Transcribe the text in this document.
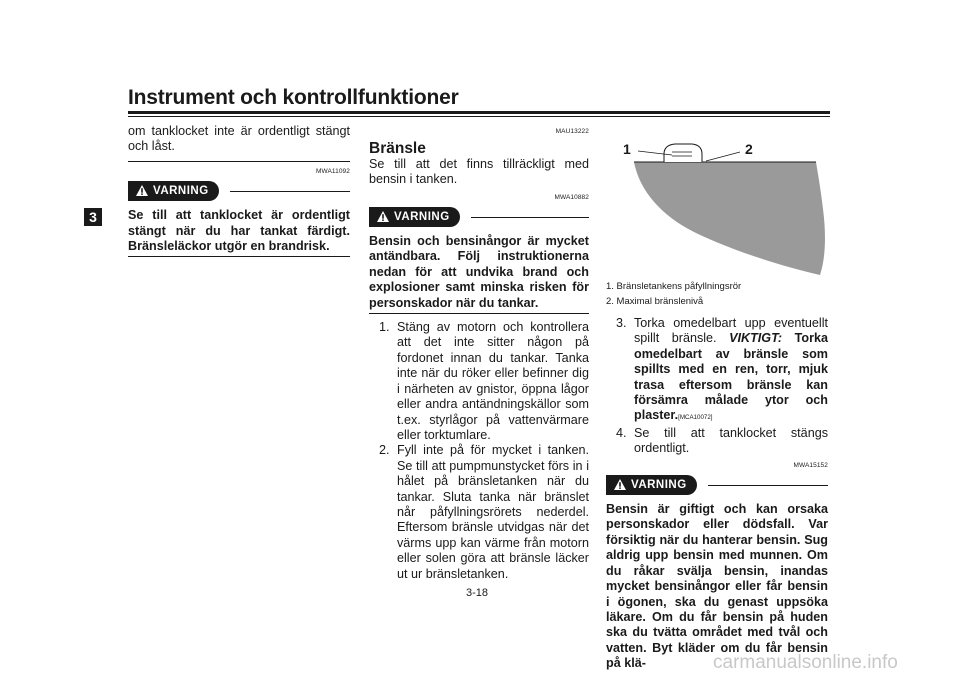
Instrument och kontrollfunktioner
3

om tanklocket inte är ordentligt stängt och låst.

MWA11092
VARNING

Se till att tanklocket är ordentligt stängt när du har tankat färdigt. Bränsleläckor utgör en brandrisk.

MAU13222

Bränsle

Se till att det finns tillräckligt med bensin i tanken.

MWA10882
VARNING

Bensin och bensinångor är mycket antändbara. Följ instruktionerna nedan för att undvika brand och explosioner samt minska risken för personskador när du tankar.

1. Stäng av motorn och kontrollera att det inte sitter någon på fordonet innan du tankar. Tanka inte när du röker eller befinner dig i närheten av gnistor, öppna lågor eller andra antändningskällor som t.ex. styrlågor på vattenvärmare eller torktumlare.
2. Fyll inte på för mycket i tanken. Se till att pumpmunstycket förs in i hålet på bränsletanken när du tankar. Sluta tanka när bränslet når påfyllningsrörets nederdel. Eftersom bränsle utvidgas när det värms upp kan värme från motorn eller solen göra att bränsle läcker ut ur bränsletanken.
1	2
1. Bränsletankens påfyllningsrör
2. Maximal bränslenivå
3. Torka omedelbart upp eventuellt spillt bränsle. VIKTIGT: Torka omedelbart av bränsle som spillts med en ren, torr, mjuk trasa eftersom bränsle kan försämra målade ytor och plaster.[MCA10072]
4. Se till att tanklocket stängs ordentligt.
MWA15152
VARNING

Bensin är giftigt och kan orsaka personskador eller dödsfall. Var försiktig när du hanterar bensin. Sug aldrig upp bensin med munnen. Om du råkar svälja bensin, inandas mycket bensinångor eller får bensin i ögonen, ska du genast uppsöka läkare. Om du får bensin på huden ska du tvätta området med tvål och vatten. Byt kläder om du får bensin på klä-

3-18
carmanualsonline.info
